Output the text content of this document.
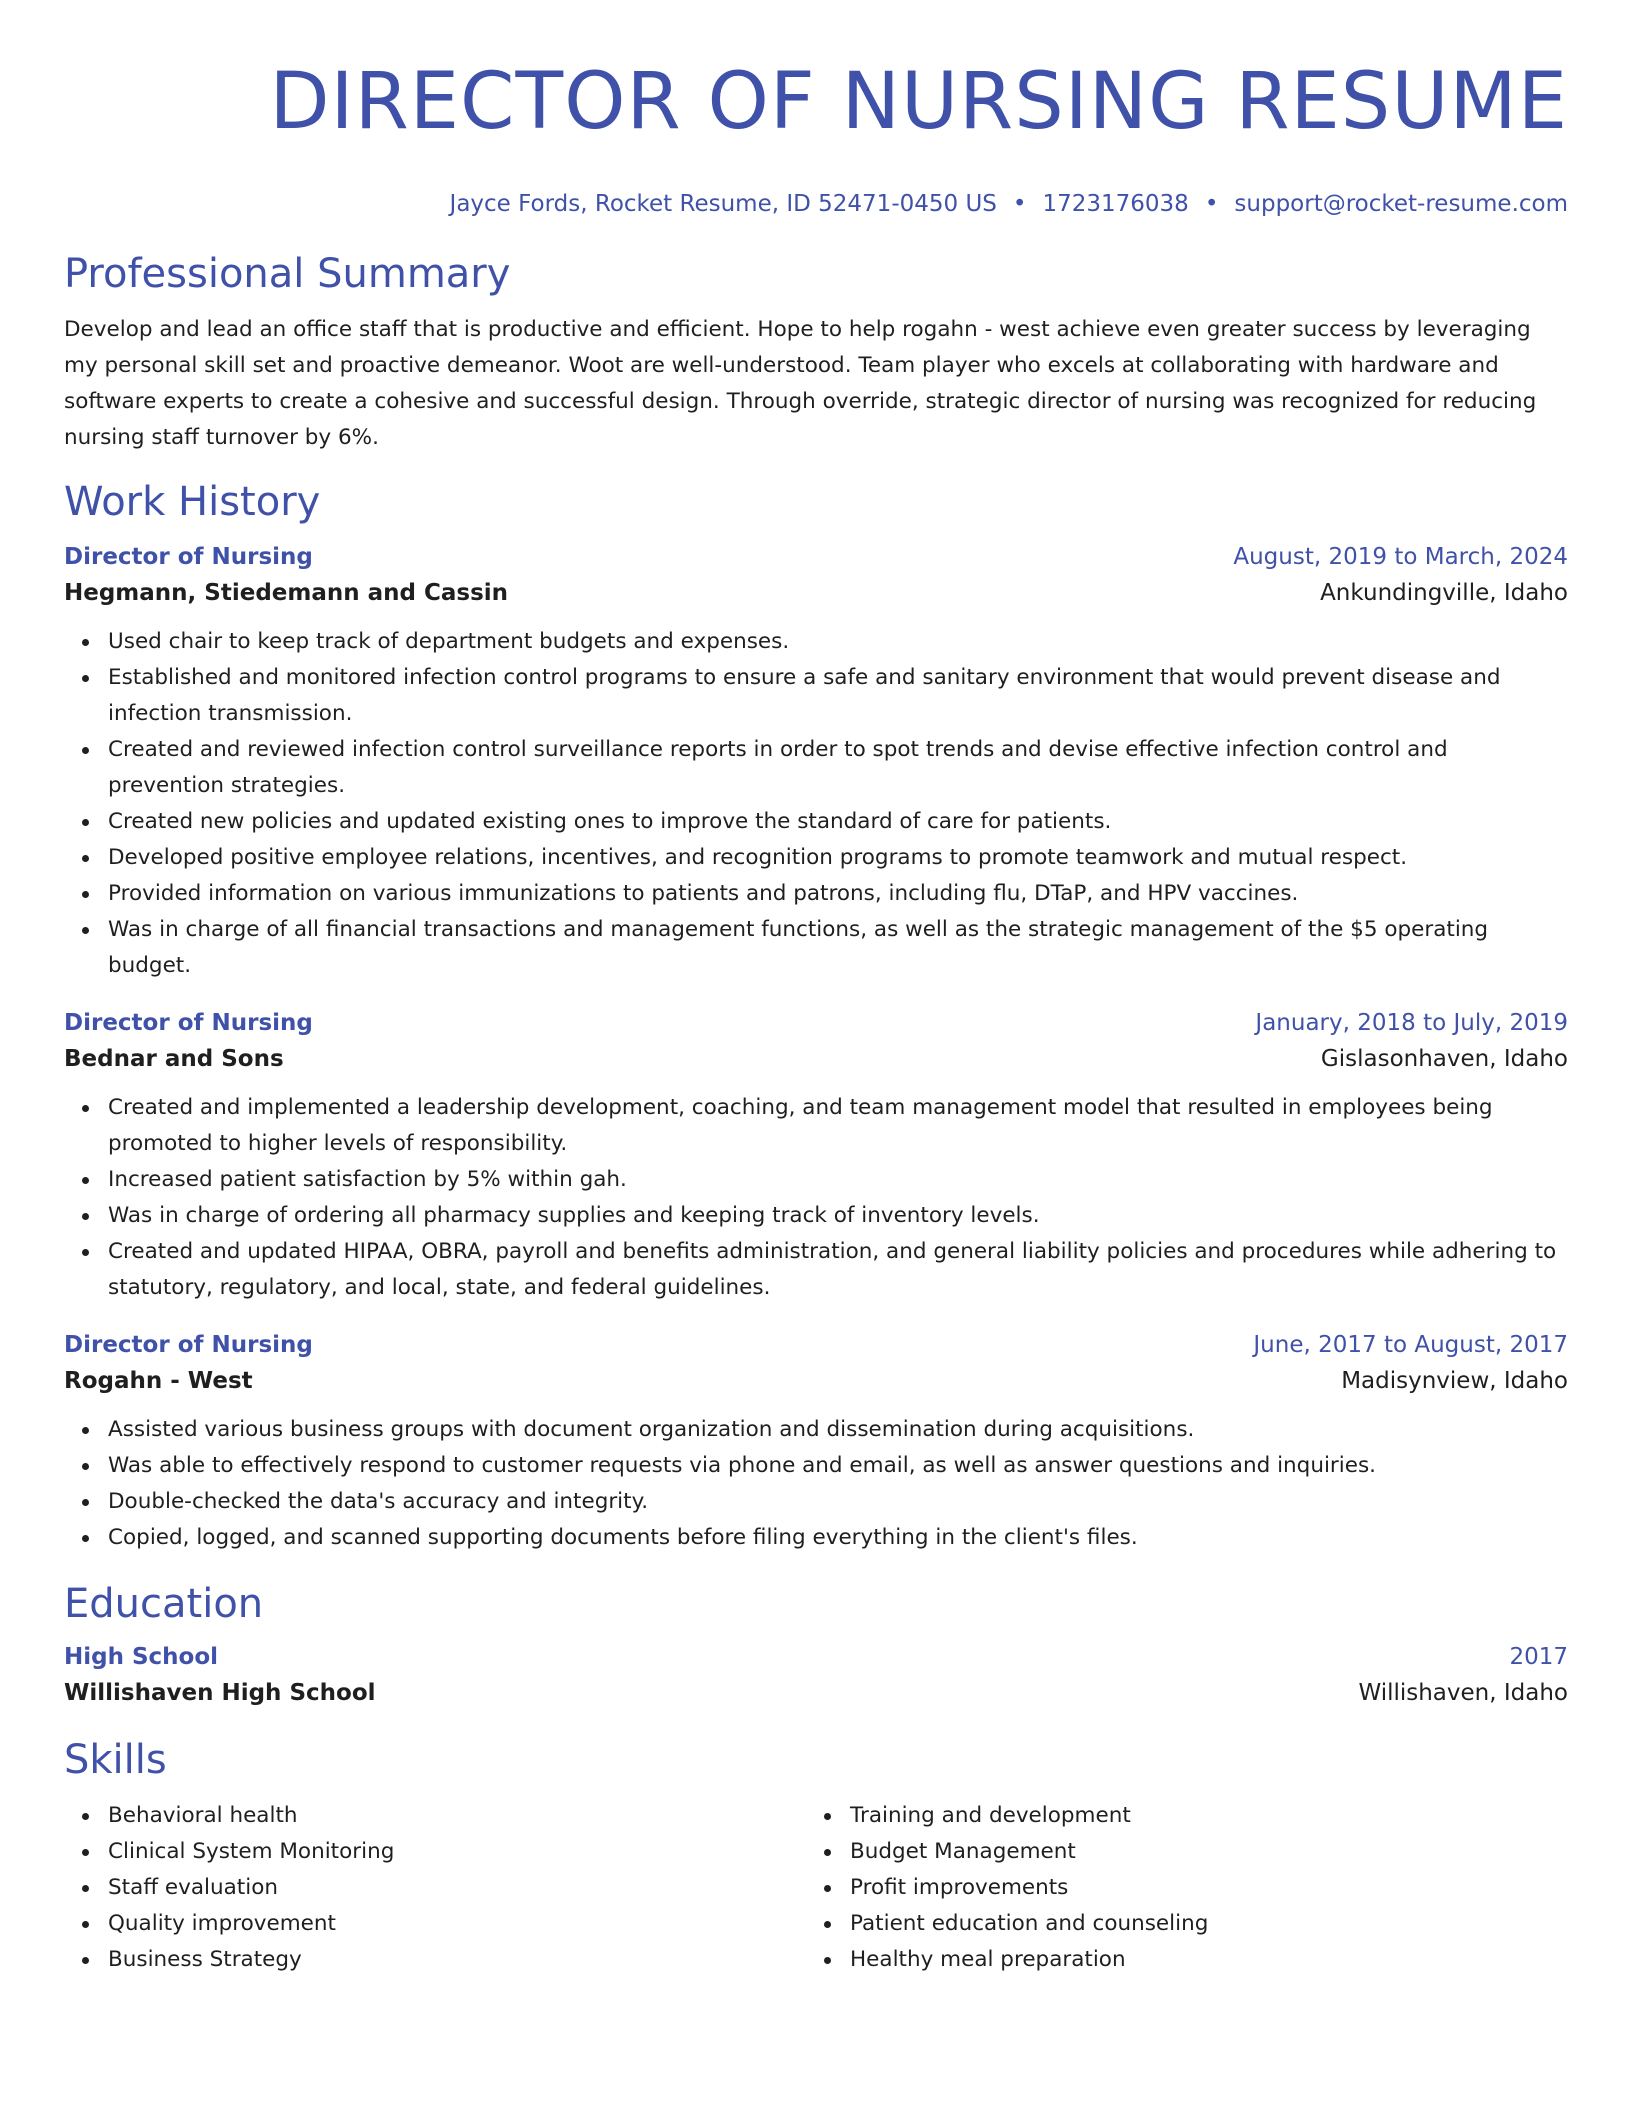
DIRECTOR OF NURSING RESUME
Jayce Fords, Rocket Resume, ID 52471-0450 US • 1723176038 • support@rocket-resume.com
Professional Summary

Develop and lead an office staff that is productive and efficient. Hope to help rogahn - west achieve even greater success by leveraging my personal skill set and proactive demeanor. Woot are well-understood. Team player who excels at collaborating with hardware and software experts to create a cohesive and successful design. Through override, strategic director of nursing was recognized for reducing nursing staff turnover by 6%.

Work History
Director of Nursing	August, 2019 to March, 2024
Hegmann, Stiedemann and Cassin	Ankundingville, Idaho
Used chair to keep track of department budgets and expenses.
Established and monitored infection control programs to ensure a safe and sanitary environment that would prevent disease and infection transmission.
Created and reviewed infection control surveillance reports in order to spot trends and devise effective infection control and prevention strategies.
Created new policies and updated existing ones to improve the standard of care for patients.
Developed positive employee relations, incentives, and recognition programs to promote teamwork and mutual respect.
Provided information on various immunizations to patients and patrons, including flu, DTaP, and HPV vaccines.
Was in charge of all financial transactions and management functions, as well as the strategic management of the $5 operating budget.
Director of Nursing	January, 2018 to July, 2019
Bednar and Sons	Gislasonhaven, Idaho
Created and implemented a leadership development, coaching, and team management model that resulted in employees being promoted to higher levels of responsibility.
Increased patient satisfaction by 5% within gah.
Was in charge of ordering all pharmacy supplies and keeping track of inventory levels.
Created and updated HIPAA, OBRA, payroll and benefits administration, and general liability policies and procedures while adhering to statutory, regulatory, and local, state, and federal guidelines.
Director of Nursing	June, 2017 to August, 2017
Rogahn - West	Madisynview, Idaho
Assisted various business groups with document organization and dissemination during acquisitions.
Was able to effectively respond to customer requests via phone and email, as well as answer questions and inquiries.
Double-checked the data's accuracy and integrity.
Copied, logged, and scanned supporting documents before filing everything in the client's files.
Education
High School	2017
Willishaven High School	Willishaven, Idaho
Skills
Behavioral health
Clinical System Monitoring
Staff evaluation
Quality improvement
Business Strategy
Training and development
Budget Management
Profit improvements
Patient education and counseling
Healthy meal preparation
